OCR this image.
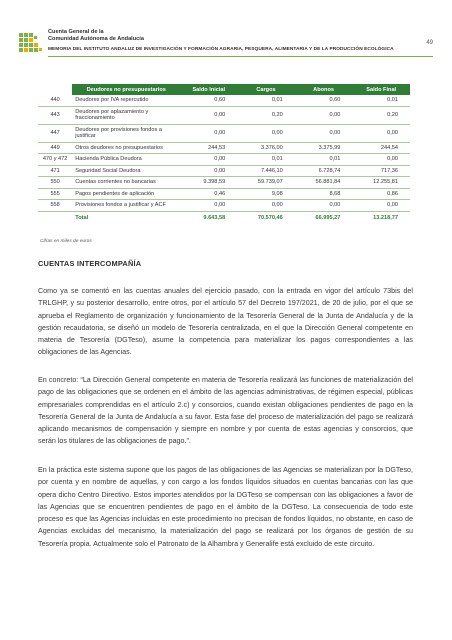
Cuenta General de la
Comunidad Autónoma de Andalucía
49
MEMORIA DEL INSTITUTO ANDALUZ DE INVESTIGACIÓN Y FORMACIÓN AGRARIA, PESQUERA, ALIMENTARIA Y DE LA PRODUCCIÓN ECOLÓGICA
	Deudores no presupuestarios	Saldo Inicial	Cargos	Abonos	Saldo Final
440	Deudores por IVA repercutido	0,60	0,01	0,60	0,01
443	Deudores por aplazamiento y fraccionamiento	0,00	0,20	0,00	0,20
447	Deudores por provisiones fondos a justificar	0,00	0,00	0,00	0,00
449	Otros deudores no presupuestarios	244,53	3.376,00	3.375,99	244,54
470 y 472	Hacienda Pública Deudora	0,00	0,01	0,01	0,00
471	Seguridad Social Deudora	0,00	7.446,10	6.728,74	717,36
550	Cuentas corrientes no bancarias	9.398,59	59.739,07	56.881,84	12.255,81
555	Pagos pendientes de aplicación	0,46	9,08	8,68	0,86
558	Provisiones fondos a justificar y ACF	0,00	0,00	0,00	0,00
	Total	9.643,58	70.570,46	66.995,27	13.218,77
Cifras en miles de euros
CUENTAS INTERCOMPAÑÍA

Como ya se comentó en las cuentas anuales del ejercicio pasado, con la entrada en vigor del artículo 73bis del TRLGHP, y su posterior desarrollo, entre otros, por el artículo 57 del Decreto 197/2021, de 20 de julio, por el que se aprueba el Reglamento de organización y funcionamiento de la Tesorería General de la Junta de Andalucía y de la gestión recaudatoria, se diseñó un modelo de Tesorería centralizada, en el que la Dirección General competente en materia de Tesorería (DGTeso), asume la competencia para materializar los pagos correspondientes a las obligaciones de las Agencias.

En concreto: “La Dirección General competente en materia de Tesorería realizará las funciones de materialización del pago de las obligaciones que se ordenen en el ámbito de las agencias administrativas, de régimen especial, públicas empresariales comprendidas en el artículo 2.c) y consorcios, cuando existan obligaciones pendientes de pago en la Tesorería General de la Junta de Andalucía a su favor. Esta fase del proceso de materialización del pago se realizará aplicando mecanismos de compensación y siempre en nombre y por cuenta de estas agencias y consorcios, que serán los titulares de las obligaciones de pago.”.

En la práctica este sistema supone que los pagos de las obligaciones de las Agencias se materializan por la DGTeso, por cuenta y en nombre de aquellas, y con cargo a los fondos líquidos situados en cuentas bancarias con las que opera dicho Centro Directivo. Estos importes atendidos por la DGTeso se compensan con las obligaciones a favor de las Agencias que se encuentren pendientes de pago en el ámbito de la DGTeso. La consecuencia de todo este proceso es que las Agencias incluidas en este procedimiento no precisan de fondos líquidos, no obstante, en caso de Agencias excluidas del mecanismo, la materialización del pago se realizará por los órganos de gestión de su Tesorería propia. Actualmente solo el Patronato de la Alhambra y Generalife está excluido de este circuito.
